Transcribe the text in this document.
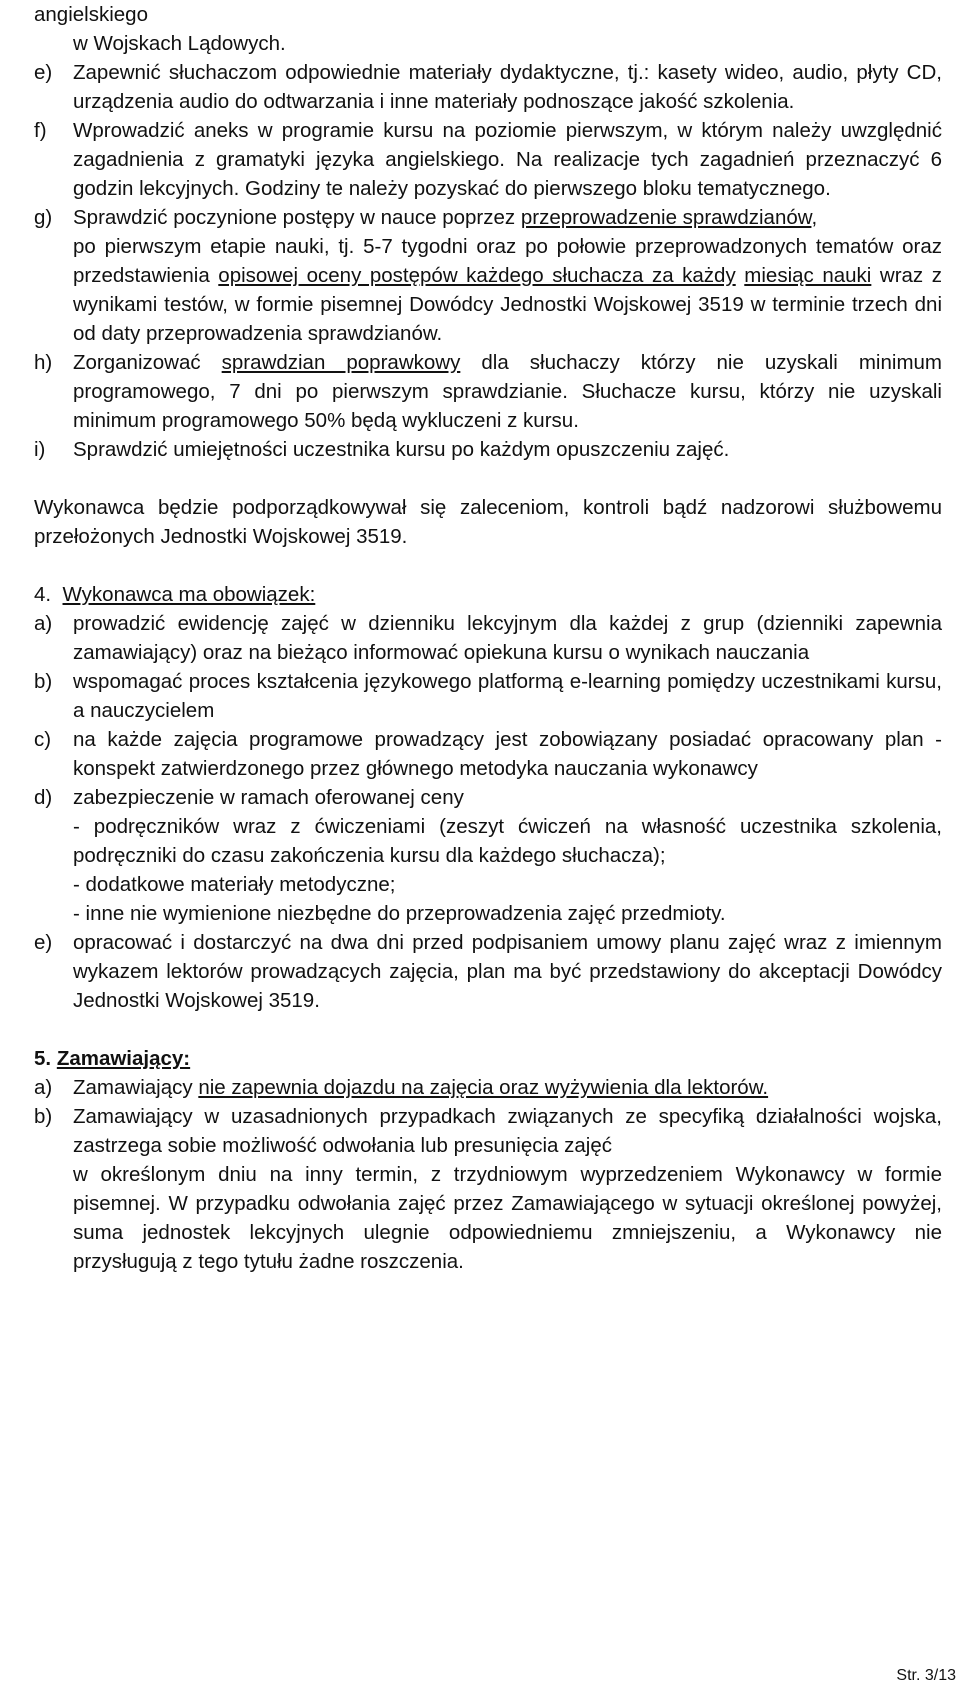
angielskiego

w Wojskach Lądowych.

e)	Zapewnić słuchaczom odpowiednie materiały dydaktyczne, tj.: kasety wideo, audio, płyty CD, urządzenia audio do odtwarzania i inne materiały podnoszące jakość szkolenia.
f)	Wprowadzić aneks w programie kursu na poziomie pierwszym, w którym należy uwzględnić zagadnienia z gramatyki języka angielskiego. Na realizacje tych zagadnień przeznaczyć 6 godzin lekcyjnych. Godziny te należy pozyskać do pierwszego bloku tematycznego.
g)	Sprawdzić poczynione postępy w nauce poprzez przeprowadzenie sprawdzianów,
po pierwszym etapie nauki, tj. 5-7 tygodni oraz po połowie przeprowadzonych tematów oraz przedstawienia opisowej oceny postępów każdego słuchacza za każdy miesiąc nauki wraz z wynikami testów, w formie pisemnej Dowódcy Jednostki Wojskowej 3519 w terminie trzech dni od daty przeprowadzenia sprawdzianów.
h)	Zorganizować sprawdzian poprawkowy dla słuchaczy którzy nie uzyskali minimum programowego, 7 dni po pierwszym sprawdzianie. Słuchacze kursu, którzy nie uzyskali minimum programowego 50% będą wykluczeni z kursu.
i)	Sprawdzić umiejętności uczestnika kursu po każdym opuszczeniu zajęć.

Wykonawca będzie podporządkowywał się zaleceniom, kontroli bądź nadzorowi służbowemu przełożonych Jednostki Wojskowej 3519.

4. Wykonawca ma obowiązek:

a)	prowadzić ewidencję zajęć w dzienniku lekcyjnym dla każdej z grup (dzienniki zapewnia zamawiający) oraz na bieżąco informować opiekuna kursu o wynikach nauczania
b)	wspomagać proces kształcenia językowego platformą e-learning pomiędzy uczestnikami kursu, a nauczycielem
c)	na każde zajęcia programowe prowadzący jest zobowiązany posiadać opracowany plan - konspekt zatwierdzonego przez głównego metodyka nauczania wykonawcy
d)	zabezpieczenie w ramach oferowanej ceny
- podręczników wraz z ćwiczeniami (zeszyt ćwiczeń na własność uczestnika szkolenia, podręczniki do czasu zakończenia kursu dla każdego słuchacza);
- dodatkowe materiały metodyczne;
- inne nie wymienione niezbędne do przeprowadzenia zajęć przedmioty.
e)	opracować i dostarczyć na dwa dni przed podpisaniem umowy planu zajęć wraz z imiennym wykazem lektorów prowadzących zajęcia, plan ma być przedstawiony do akceptacji Dowódcy Jednostki Wojskowej 3519.

5. Zamawiający:

a)	Zamawiający nie zapewnia dojazdu na zajęcia oraz wyżywienia dla lektorów.
b)	Zamawiający w uzasadnionych przypadkach związanych ze specyfiką działalności wojska, zastrzega sobie możliwość odwołania lub presunięcia zajęć
w określonym dniu na inny termin, z trzydniowym wyprzedzeniem Wykonawcy w formie pisemnej. W przypadku odwołania zajęć przez Zamawiającego w sytuacji określonej powyżej, suma jednostek lekcyjnych ulegnie odpowiedniemu zmniejszeniu, a Wykonawcy nie przysługują z tego tytułu żadne roszczenia.
Str. 3/13
